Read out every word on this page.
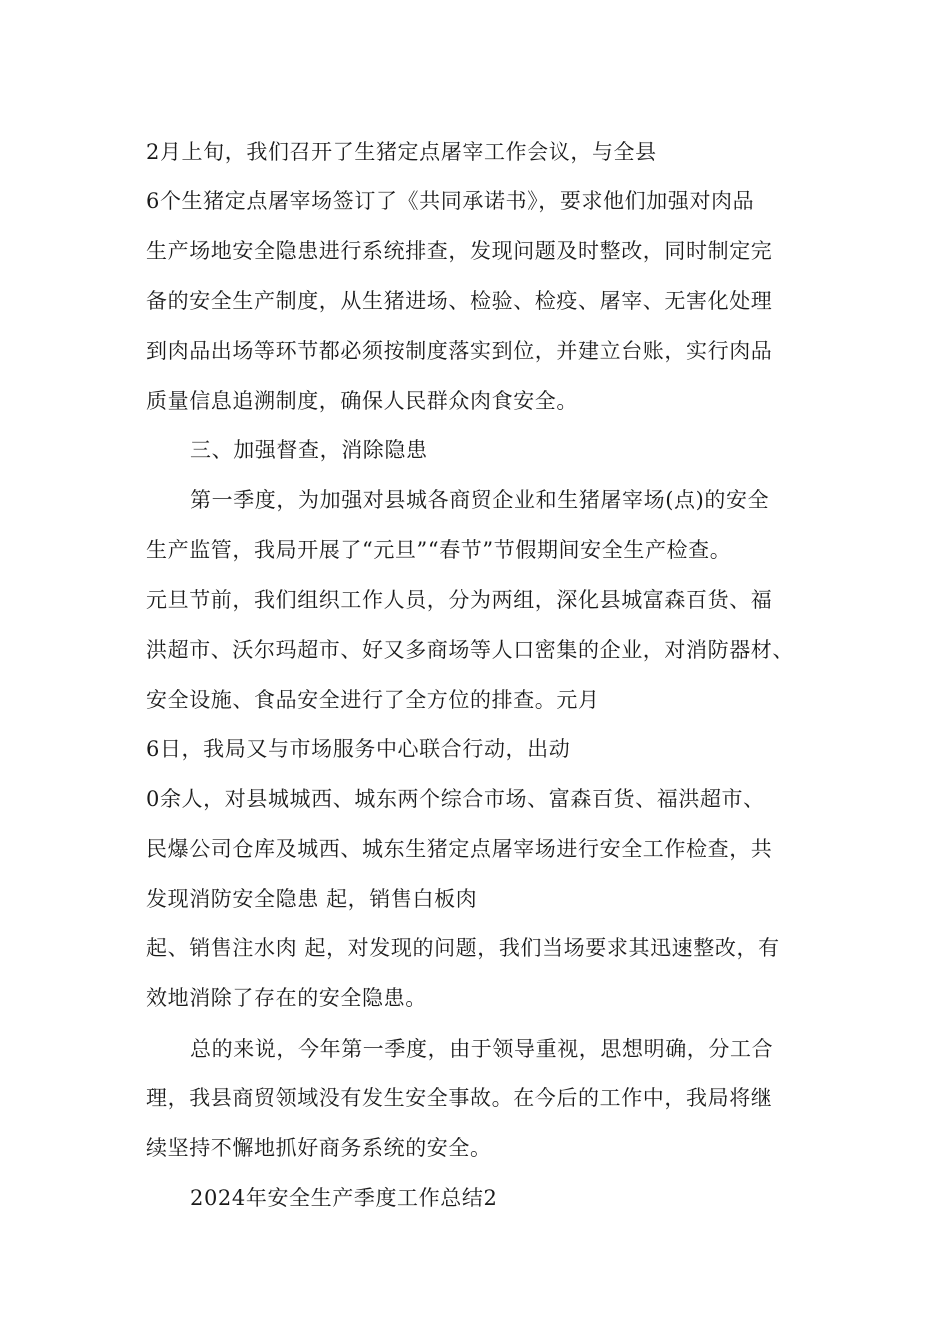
2月上旬，我们召开了生猪定点屠宰工作会议，与全县
6个生猪定点屠宰场签订了《共同承诺书》，要求他们加强对肉品
生产场地安全隐患进行系统排查，发现问题及时整改，同时制定完
备的安全生产制度，从生猪进场、检验、检疫、屠宰、无害化处理
到肉品出场等环节都必须按制度落实到位，并建立台账，实行肉品
质量信息追溯制度，确保人民群众肉食安全。
三、加强督查，消除隐患
第一季度，为加强对县城各商贸企业和生猪屠宰场(点)的安全
生产监管，我局开展了“元旦”“春节”节假期间安全生产检查。
元旦节前，我们组织工作人员，分为两组，深化县城富森百货、福
洪超市、沃尔玛超市、好又多商场等人口密集的企业，对消防器材、
安全设施、食品安全进行了全方位的排查。元月
6日，我局又与市场服务中心联合行动，出动
0余人，对县城城西、城东两个综合市场、富森百货、福洪超市、
民爆公司仓库及城西、城东生猪定点屠宰场进行安全工作检查，共
发现消防安全隐患 起，销售白板肉
起、销售注水肉 起，对发现的问题，我们当场要求其迅速整改，有
效地消除了存在的安全隐患。
总的来说，今年第一季度，由于领导重视，思想明确，分工合
理，我县商贸领域没有发生安全事故。在今后的工作中，我局将继
续坚持不懈地抓好商务系统的安全。
2024年安全生产季度工作总结2
